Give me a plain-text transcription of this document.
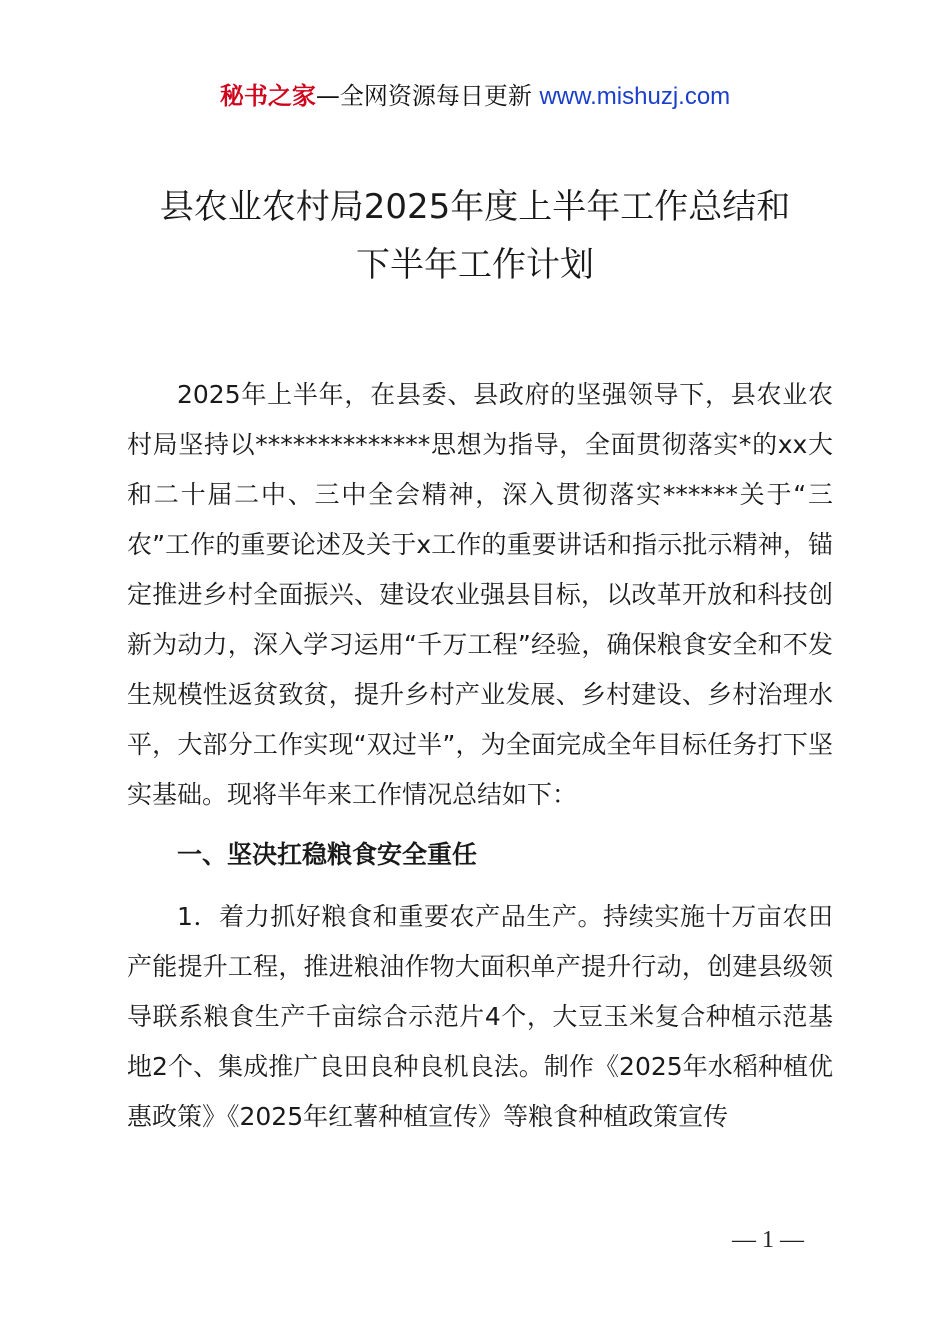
秘书之家—全网资源每日更新 www.mishuzj.com
县农业农村局2025年度上半年工作总结和
下半年工作计划

2025年上半年，在县委、县政府的坚强领导下，县农业农村局坚持以**************思想为指导，全面贯彻落实*的xx大和二十届二中、三中全会精神，深入贯彻落实******关于“三农”工作的重要论述及关于x工作的重要讲话和指示批示精神，锚定推进乡村全面振兴、建设农业强县目标，以改革开放和科技创新为动力，深入学习运用“千万工程”经验，确保粮食安全和不发生规模性返贫致贫，提升乡村产业发展、乡村建设、乡村治理水平，大部分工作实现“双过半”，为全面完成全年目标任务打下坚实基础。现将半年来工作情况总结如下：

一、坚决扛稳粮食安全重任

1．着力抓好粮食和重要农产品生产。持续实施十万亩农田产能提升工程，推进粮油作物大面积单产提升行动，创建县级领导联系粮食生产千亩综合示范片4个，大豆玉米复合种植示范基地2个、集成推广良田良种良机良法。制作《2025年水稻种植优惠政策》《2025年红薯种植宣传》等粮食种植政策宣传

— 1 —
